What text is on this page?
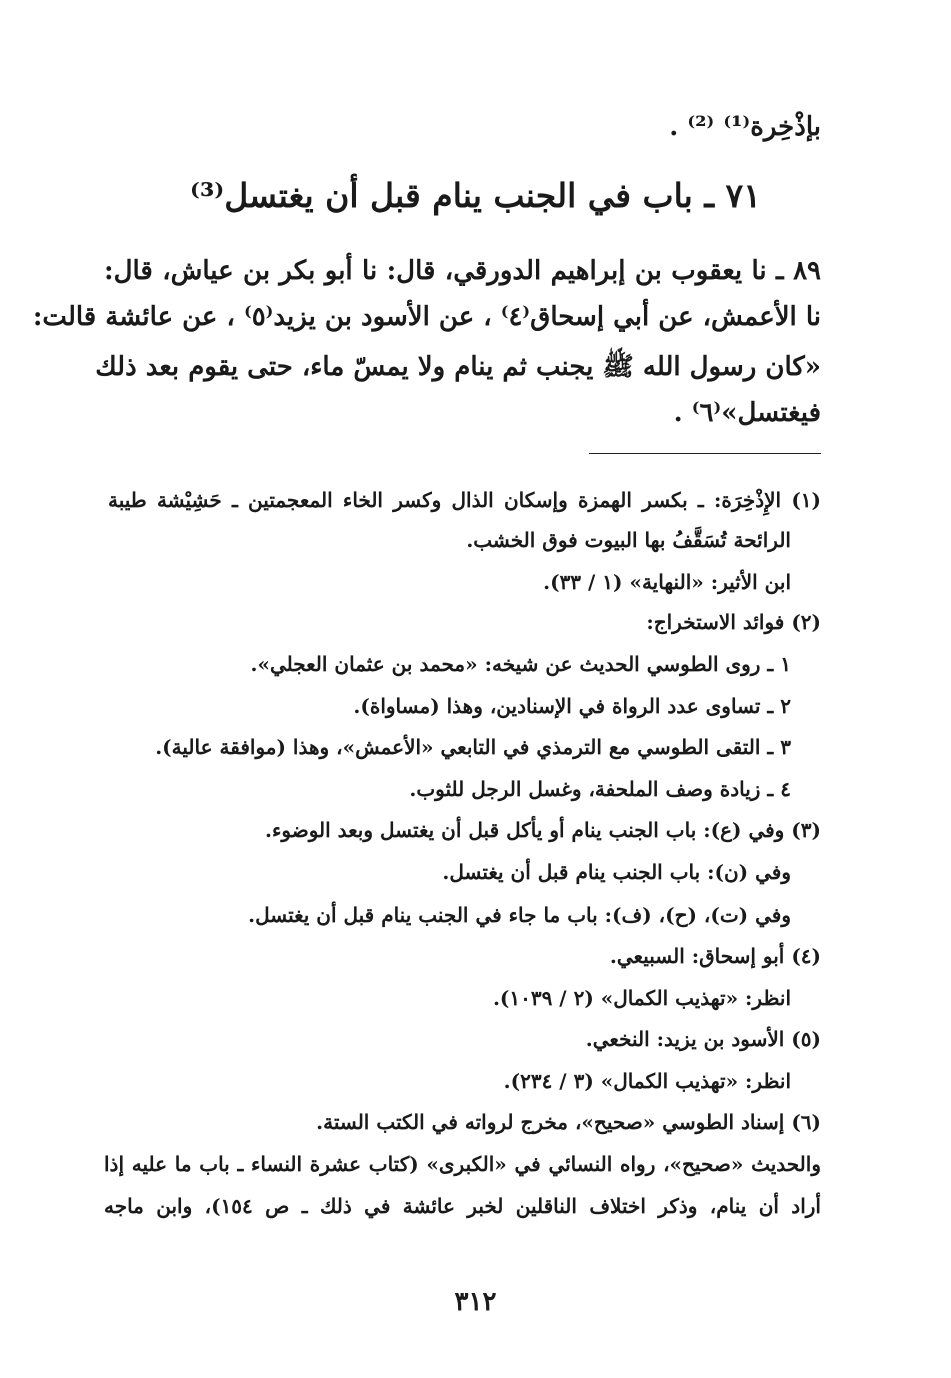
بإذْخِرة⁽¹⁾ ⁽²⁾ .
٧١ ـ باب في الجنب ينام قبل أن يغتسل⁽³⁾
٨٩ ـ نا يعقوب بن إبراهيم الدورقي، قال: نا أبو بكر بن عياش، قال:
نا الأعمش، عن أبي إسحاق⁽٤⁾ ، عن الأسود بن يزيد⁽٥⁾ ، عن عائشة قالت:
«كان رسول الله ﷺ يجنب ثم ينام ولا يمسّ ماء، حتى يقوم بعد ذلك
فيغتسل»⁽٦⁾ .
(١) الإِذْخِرَة: ـ بكسر الهمزة وإسكان الذال وكسر الخاء المعجمتين ـ حَشِيْشة طيبة
الرائحة تُسَقَّفُ بها البيوت فوق الخشب.
ابن الأثير: «النهاية» (١ / ٣٣).
(٢) فوائد الاستخراج:
١ ـ روى الطوسي الحديث عن شيخه: «محمد بن عثمان العجلي».
٢ ـ تساوى عدد الرواة في الإسنادين، وهذا (مساواة).
٣ ـ التقى الطوسي مع الترمذي في التابعي «الأعمش»، وهذا (موافقة عالية).
٤ ـ زيادة وصف الملحفة، وغسل الرجل للثوب.
(٣) وفي (ع): باب الجنب ينام أو يأكل قبل أن يغتسل وبعد الوضوء.
وفي (ن): باب الجنب ينام قبل أن يغتسل.
وفي (ت)، (ح)، (ف): باب ما جاء في الجنب ينام قبل أن يغتسل.
(٤) أبو إسحاق: السبيعي.
انظر: «تهذيب الكمال» (٢ / ١٠٣٩).
(٥) الأسود بن يزيد: النخعي.
انظر: «تهذيب الكمال» (٣ / ٢٣٤).
(٦) إسناد الطوسي «صحيح»، مخرج لرواته في الكتب الستة.
والحديث «صحيح»، رواه النسائي في «الكبرى» (كتاب عشرة النساء ـ باب ما عليه إذا
أراد أن ينام، وذكر اختلاف الناقلين لخبر عائشة في ذلك ـ ص ١٥٤)، وابن ماجه
٣١٢
